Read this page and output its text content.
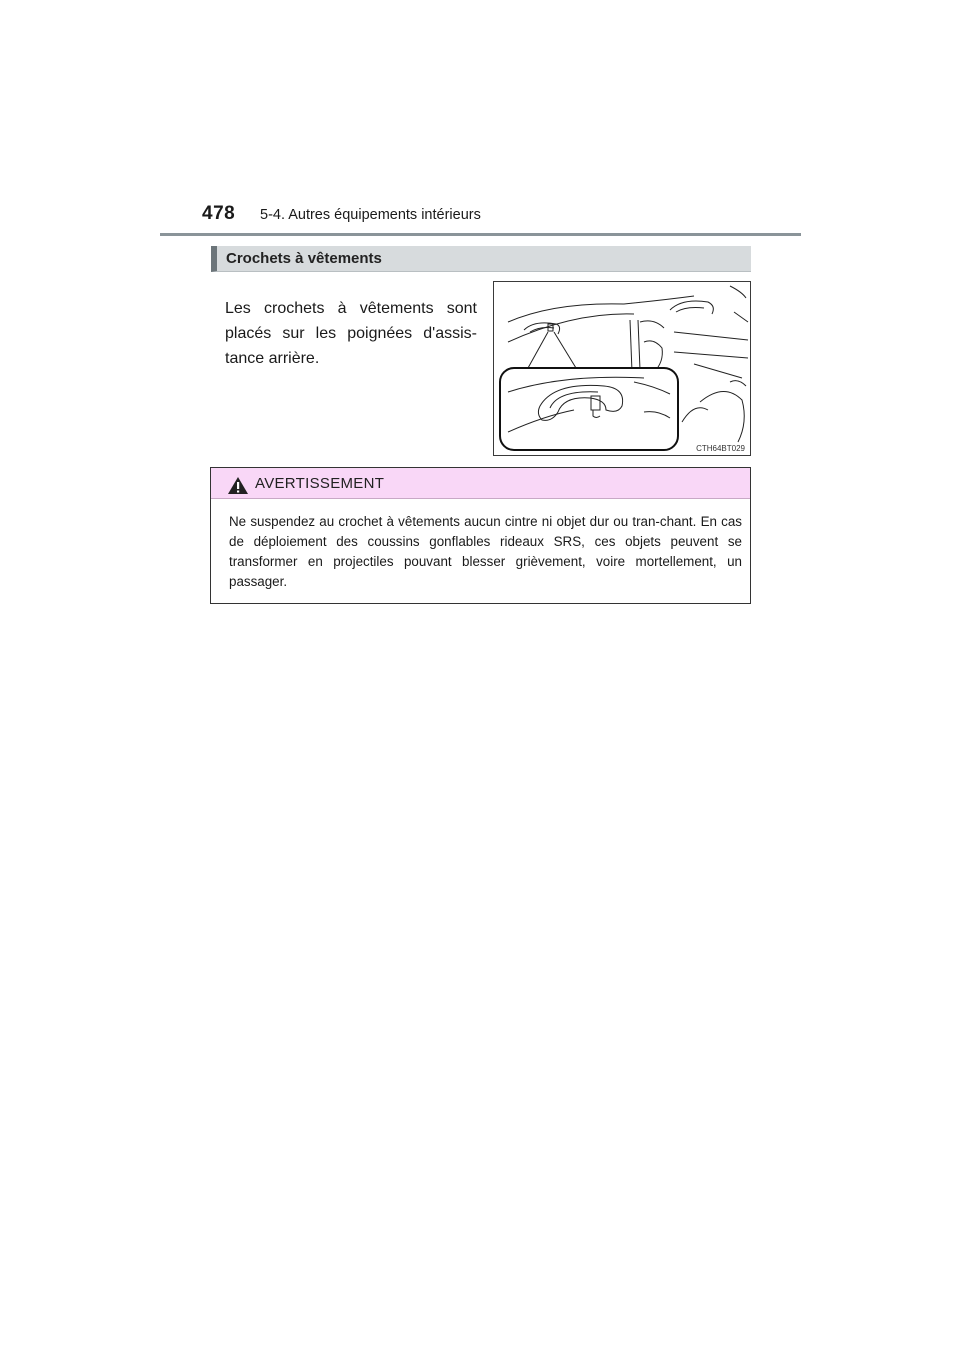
478 5-4. Autres équipements intérieurs
Crochets à vêtements
Les crochets à vêtements sont placés sur les poignées d'assis-tance arrière.
CTH64BT029
AVERTISSEMENT
Ne suspendez au crochet à vêtements aucun cintre ni objet dur ou tran-chant. En cas de déploiement des coussins gonflables rideaux SRS, ces objets peuvent se transformer en projectiles pouvant blesser grièvement, voire mortellement, un passager.
